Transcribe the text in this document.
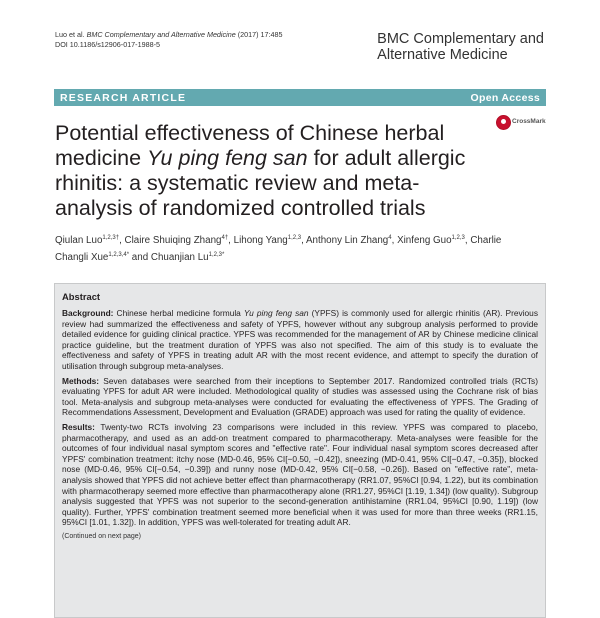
Luo et al. BMC Complementary and Alternative Medicine (2017) 17:485
DOI 10.1186/s12906-017-1988-5	BMC Complementary and
Alternative Medicine
RESEARCH ARTICLE	Open Access
CrossMark
Potential effectiveness of Chinese herbal medicine Yu ping feng san for adult allergic rhinitis: a systematic review and meta-analysis of randomized controlled trials
Qiulan Luo$^{1,2,3\dagger}$, Claire Shuiqing Zhang$^{4\dagger}$, Lihong Yang$^{1,2,3}$, Anthony Lin Zhang$^4$, Xinfeng Guo$^{1,2,3}$, Charlie Changli Xue$^{1,2,3,4*}$ and Chuanjian $Lu^{1,2,3*}$
Abstract

Background: Chinese herbal medicine formula Yu ping feng san (YPFS) is commonly used for allergic rhinitis (AR). Previous review had summarized the effectiveness and safety of YPFS, however without any subgroup analysis performed to provide detailed evidence for guiding clinical practice. YPFS was recommended for the management of AR by Chinese medicine clinical practice guideline, but the treatment duration of YPFS was also not specified. The aim of this study is to evaluate the effectiveness and safety of YPFS in treating adult AR with the most recent evidence, and attempt to specify the duration of utilisation through subgroup meta-analyses.

Methods: Seven databases were searched from their inceptions to September 2017. Randomized controlled trials (RCTs) evaluating YPFS for adult AR were included. Methodological quality of studies was assessed using the Cochrane risk of bias tool. Meta-analysis and subgroup meta-analyses were conducted for evaluating the effectiveness of YPFS. The Grading of Recommendations Assessment, Development and Evaluation (GRADE) approach was used for rating the quality of evidence.

Results: Twenty-two RCTs involving 23 comparisons were included in this review. YPFS was compared to placebo, pharmacotherapy, and used as an add-on treatment compared to pharmacotherapy. Meta-analyses were feasible for the outcomes of four individual nasal symptom scores and "effective rate". Four individual nasal symptom scores decreased after YPFS' combination treatment: itchy nose (MD-0.46, 95% CI[−0.50, −0.42]), sneezing (MD-0.41, 95% CI[−0.47, −0.35]), blocked nose (MD-0.46, 95% CI[−0.54, −0.39]) and runny nose (MD-0.42, 95% CI[−0.58, −0.26]). Based on "effective rate", meta-analysis showed that YPFS did not achieve better effect than pharmacotherapy (RR1.07, 95%CI [0.94, 1.22), but its combination with pharmacotherapy seemed more effective than pharmacotherapy alone (RR1.27, 95%CI [1.19, 1.34]) (low quality). Subgroup analysis suggested that YPFS was not superior to the second-generation antihistamine (RR1.04, 95%CI [0.90, 1.19]) (low quality). Further, YPFS' combination treatment seemed more beneficial when it was used for more than three weeks (RR1.15, 95%CI [1.01, 1.32]). In addition, YPFS was well-tolerated for treating adult AR.

(Continued on next page)
